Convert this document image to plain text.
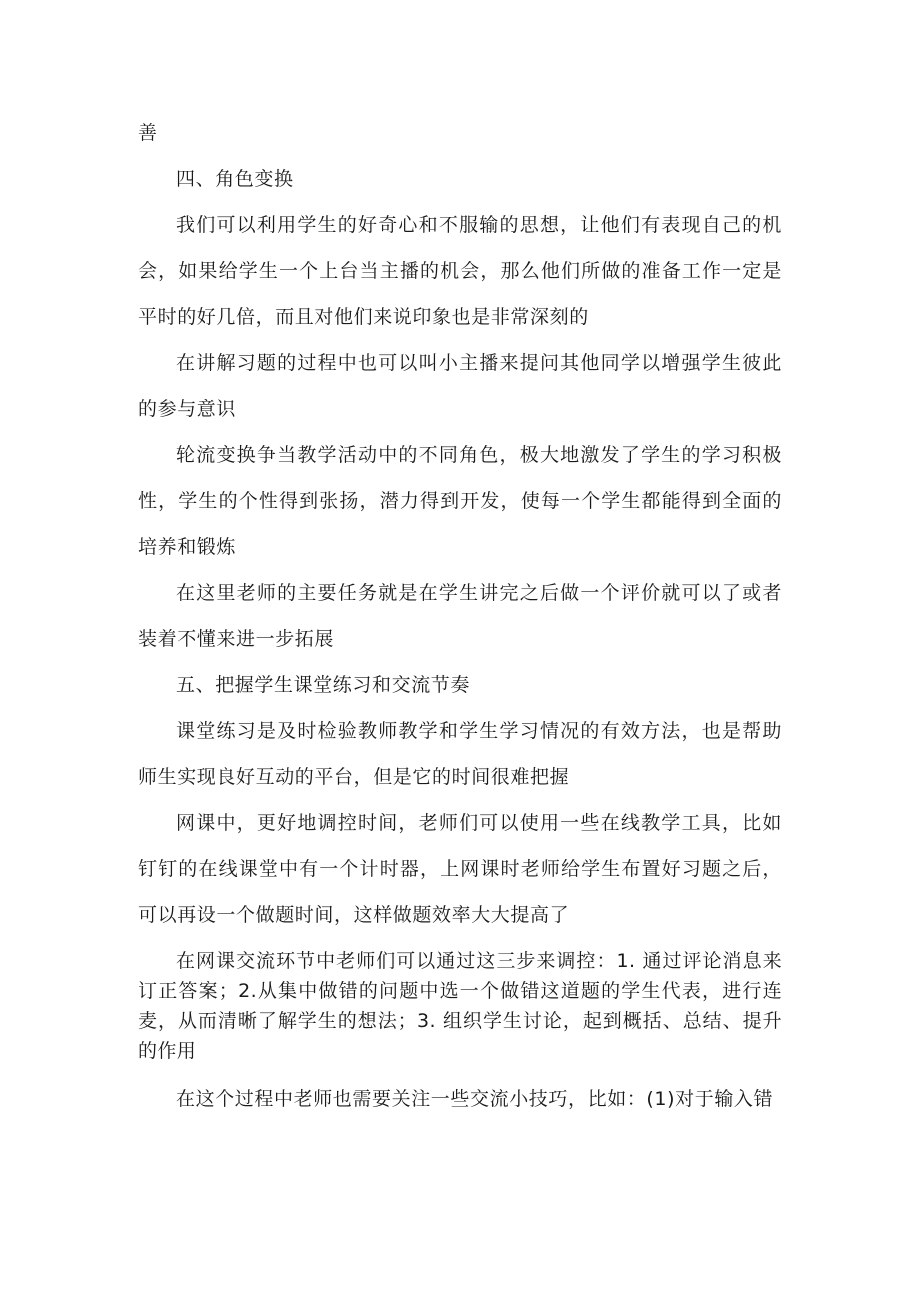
善

四、角色变换

我们可以利用学生的好奇心和不服输的思想，让他们有表现自己的机会，如果给学生一个上台当主播的机会，那么他们所做的准备工作一定是平时的好几倍，而且对他们来说印象也是非常深刻的

在讲解习题的过程中也可以叫小主播来提问其他同学以增强学生彼此的参与意识

轮流变换争当教学活动中的不同角色，极大地激发了学生的学习积极性，学生的个性得到张扬，潜力得到开发，使每一个学生都能得到全面的培养和锻炼

在这里老师的主要任务就是在学生讲完之后做一个评价就可以了或者装着不懂来进一步拓展

五、把握学生课堂练习和交流节奏

课堂练习是及时检验教师教学和学生学习情况的有效方法，也是帮助师生实现良好互动的平台，但是它的时间很难把握

网课中，更好地调控时间，老师们可以使用一些在线教学工具，比如钉钉的在线课堂中有一个计时器，上网课时老师给学生布置好习题之后，可以再设一个做题时间，这样做题效率大大提高了

在网课交流环节中老师们可以通过这三步来调控：1. 通过评论消息来订正答案；2.从集中做错的问题中选一个做错这道题的学生代表，进行连麦，从而清晰了解学生的想法；3. 组织学生讨论，起到概括、总结、提升的作用

在这个过程中老师也需要关注一些交流小技巧，比如：(1)对于输入错
